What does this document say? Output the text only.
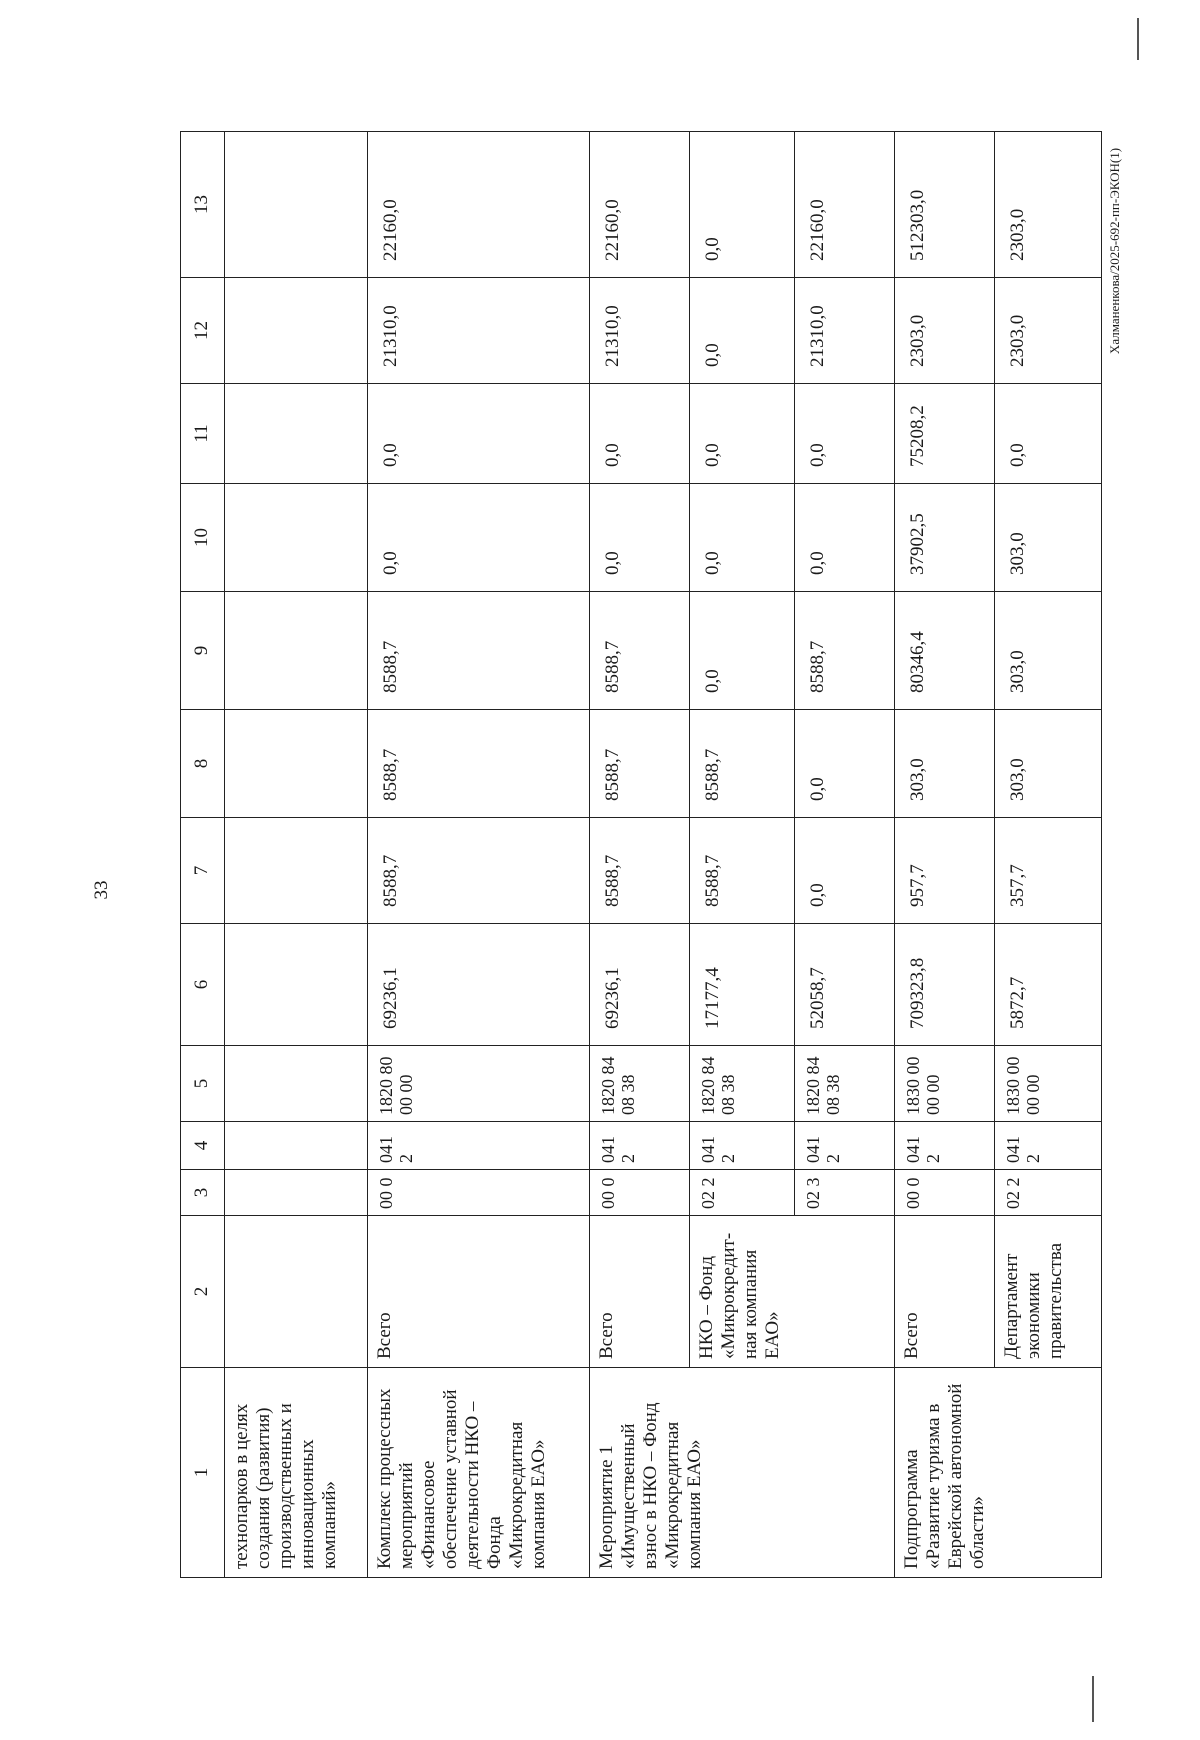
33
Халманенкова/2025-692-пп-ЭКОН(1)
1	2	3	4	5	6	7	8	9	10	11	12	13
технопарков в целях создания (развития) производственных и инновационных компаний»												
Комплекс процессных мероприятий «Финансовое обеспечение уставной деятельности НКО – Фонда «Микрокредитная компания ЕАО»	Всего	00 0	041 2	1820 8000 00	69236,1	8588,7	8588,7	8588,7	0,0	0,0	21310,0	22160,0
Мероприятие 1 «Имущественный взнос в НКО – Фонд «Микрокредитная компания ЕАО»	Всего	00 0	041 2	1820 8408 38	69236,1	8588,7	8588,7	8588,7	0,0	0,0	21310,0	22160,0
	НКО – Фонд «Микрокредит-ная компания ЕАО»	02 2	041 2	1820 8408 38	17177,4	8588,7	8588,7	0,0	0,0	0,0	0,0	0,0
		02 3	041 2	1820 8408 38	52058,7	0,0	0,0	8588,7	0,0	0,0	21310,0	22160,0
Подпрограмма «Развитие туризма в Еврейской автономной области»	Всего	00 0	041 2	1830 0000 00	709323,8	957,7	303,0	80346,4	37902,5	75208,2	2303,0	512303,0
	Департамент экономики правительства	02 2	041 2	1830 0000 00	5872,7	357,7	303,0	303,0	303,0	0,0	2303,0	2303,0
